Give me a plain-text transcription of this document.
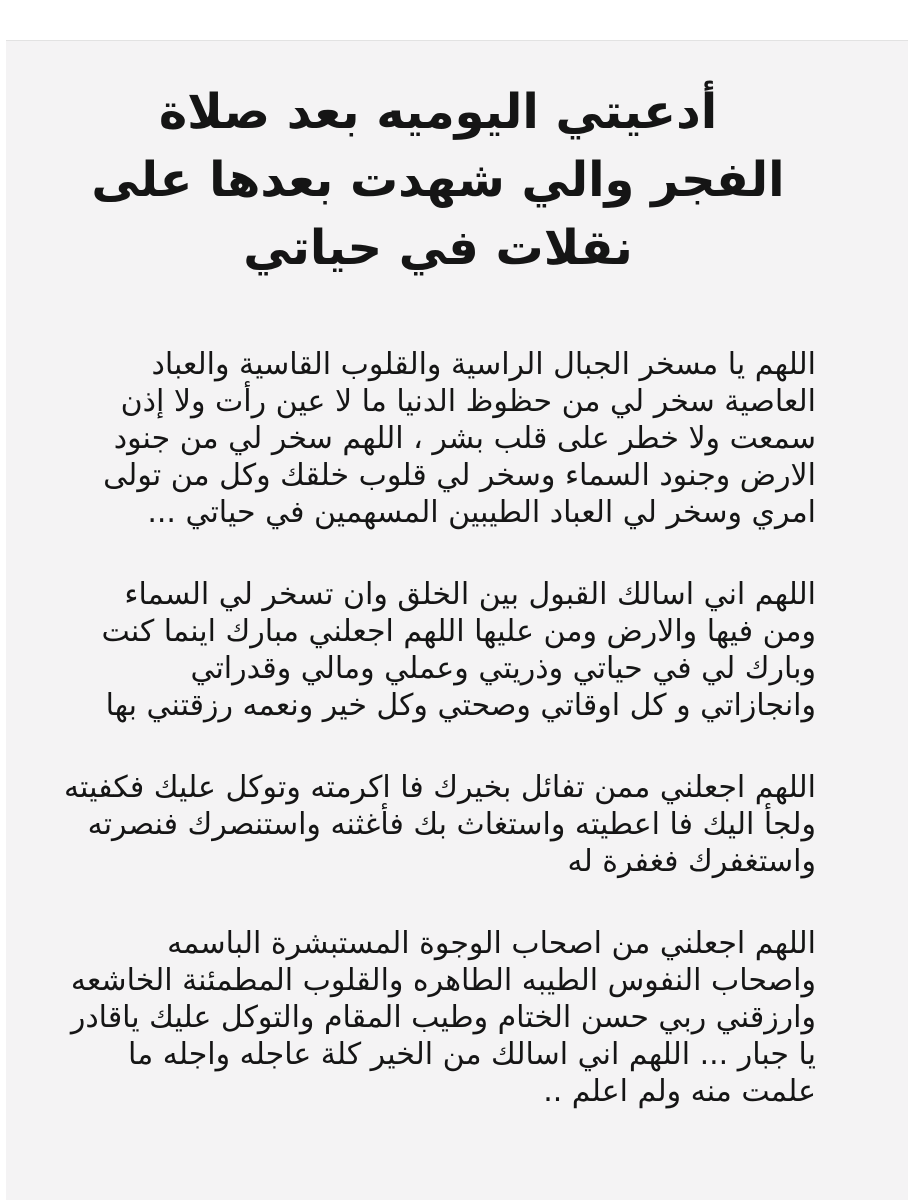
أدعيتي اليوميه بعد صلاة
الفجر والي شهدت بعدها على
نقلات في حياتي

اللهم يا مسخر الجبال الراسية والقلوب القاسية والعباد
العاصية سخر لي من حظوظ الدنيا ما لا عين رأت ولا إذن
سمعت ولا خطر على قلب بشر ، اللهم سخر لي من جنود
الارض وجنود السماء وسخر لي قلوب خلقك وكل من تولى
امري وسخر لي العباد الطيبين المسهمين في حياتي ...

اللهم اني اسالك القبول بين الخلق وان تسخر لي السماء
ومن فيها والارض ومن عليها اللهم اجعلني مبارك اينما كنت
وبارك لي في حياتي وذريتي وعملي ومالي وقدراتي
وانجازاتي و كل اوقاتي وصحتي وكل خير ونعمه رزقتني بها

اللهم اجعلني ممن تفائل بخيرك فا اكرمته وتوكل عليك فكفيته
ولجأ اليك فا اعطيته واستغاث بك فأغثنه واستنصرك فنصرته
واستغفرك فغفرة له

اللهم اجعلني من اصحاب الوجوة المستبشرة الباسمه
واصحاب النفوس الطيبه الطاهره والقلوب المطمئنة الخاشعه
وارزقني ربي حسن الختام وطيب المقام والتوكل عليك ياقادر
يا جبار ... اللهم اني اسالك من الخير كلة عاجله واجله ما
علمت منه ولم اعلم ..
